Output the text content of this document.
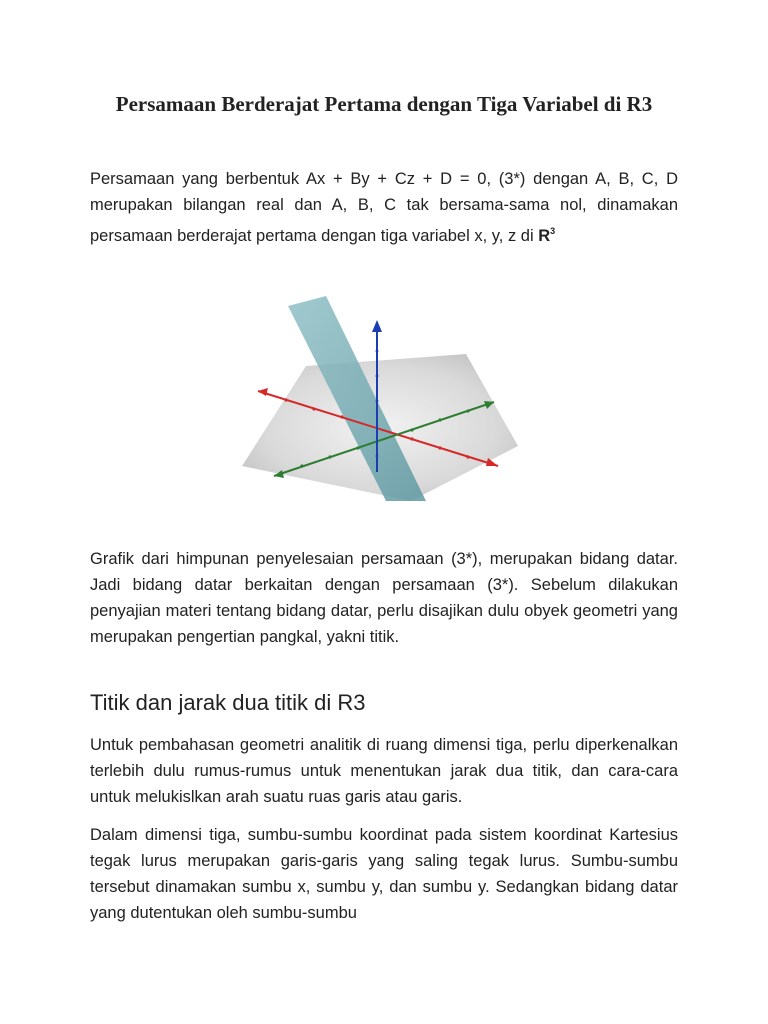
Persamaan Berderajat Pertama dengan Tiga Variabel di R3

Persamaan yang berbentuk Ax + By + Cz + D = 0, (3*) dengan A, B, C, D merupakan bilangan real dan A, B, C tak bersama-sama nol, dinamakan persamaan berderajat pertama dengan tiga variabel x, y, z di $R^3$

Grafik dari himpunan penyelesaian persamaan (3*), merupakan bidang datar. Jadi bidang datar berkaitan dengan persamaan (3*). Sebelum dilakukan penyajian materi tentang bidang datar, perlu disajikan dulu obyek geometri yang merupakan pengertian pangkal, yakni titik.

Titik dan jarak dua titik di R3

Untuk pembahasan geometri analitik di ruang dimensi tiga, perlu diperkenalkan terlebih dulu rumus-rumus untuk menentukan jarak dua titik, dan cara-cara untuk melukislkan arah suatu ruas garis atau garis.

Dalam dimensi tiga, sumbu-sumbu koordinat pada sistem koordinat Kartesius tegak lurus merupakan garis-garis yang saling tegak lurus. Sumbu-sumbu tersebut dinamakan sumbu x, sumbu y, dan sumbu y. Sedangkan bidang datar yang dutentukan oleh sumbu-sumbu
